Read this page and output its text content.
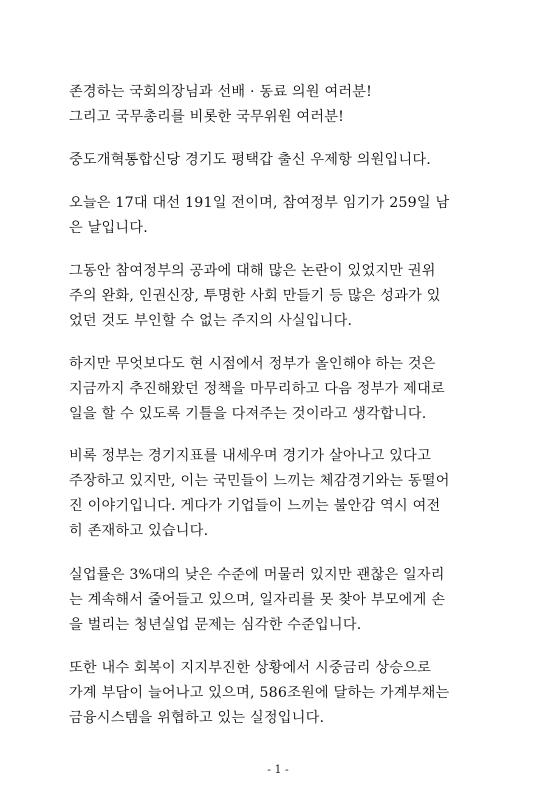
존경하는 국회의장님과 선배 · 동료 의원 여러분!
그리고 국무총리를 비롯한 국무위원 여러분!

중도개혁통합신당 경기도 평택갑 출신 우제항 의원입니다.

오늘은 17대 대선 191일 전이며, 참여정부 임기가 259일 남
은 날입니다.

그동안 참여정부의 공과에 대해 많은 논란이 있었지만 권위
주의 완화, 인권신장, 투명한 사회 만들기 등 많은 성과가 있
었던 것도 부인할 수 없는 주지의 사실입니다.

하지만 무엇보다도 현 시점에서 정부가 올인해야 하는 것은
지금까지 추진해왔던 정책을 마무리하고 다음 정부가 제대로
일을 할 수 있도록 기틀을 다져주는 것이라고 생각합니다.

비록 정부는 경기지표를 내세우며 경기가 살아나고 있다고
주장하고 있지만, 이는 국민들이 느끼는 체감경기와는 동떨어
진 이야기입니다. 게다가 기업들이 느끼는 불안감 역시 여전
히 존재하고 있습니다.

실업률은 3%대의 낮은 수준에 머물러 있지만 괜찮은 일자리
는 계속해서 줄어들고 있으며, 일자리를 못 찾아 부모에게 손
을 벌리는 청년실업 문제는 심각한 수준입니다.

또한 내수 회복이 지지부진한 상황에서 시중금리 상승으로
가계 부담이 늘어나고 있으며, 586조원에 달하는 가계부채는
금융시스템을 위협하고 있는 실정입니다.

- 1 -
